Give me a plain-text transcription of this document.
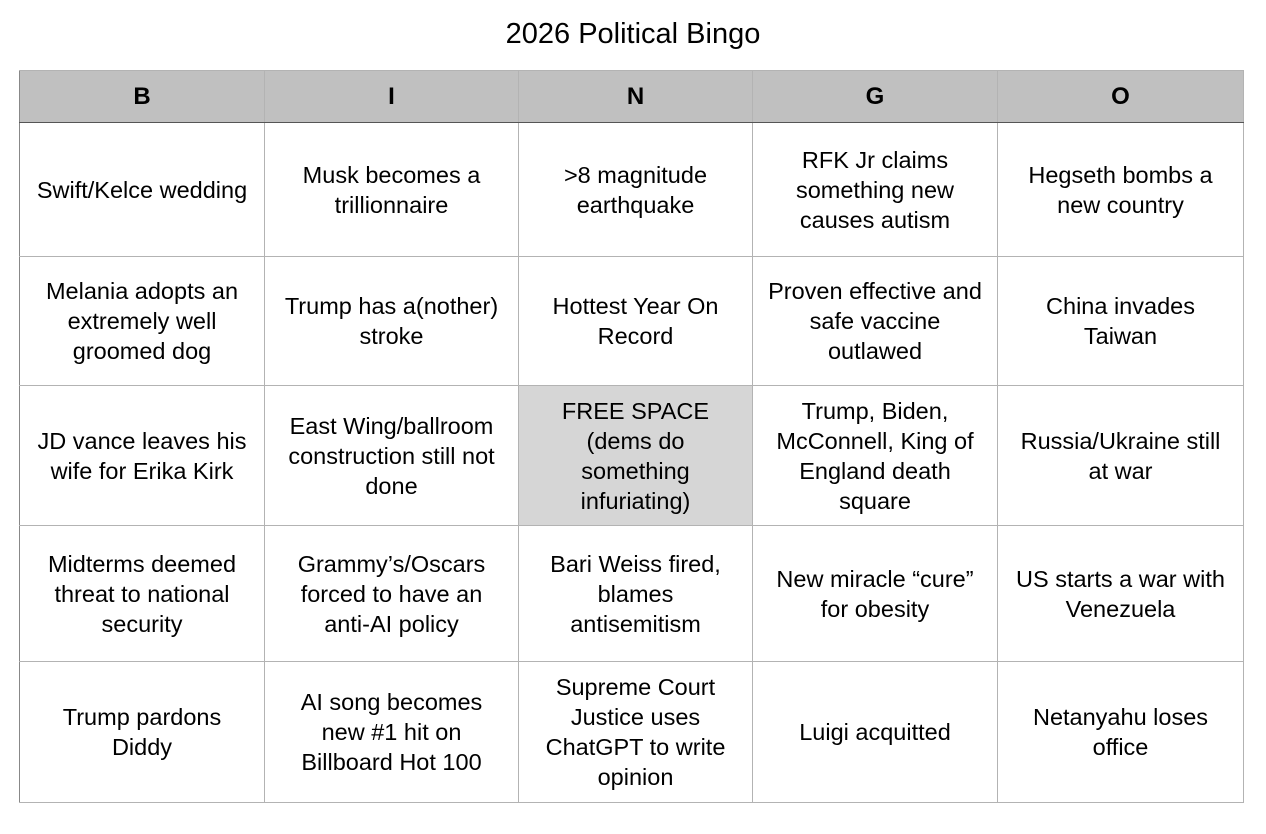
2026 Political Bingo
B	I	N	G	O
Swift/Kelce wedding	Musk becomes a trillionnaire	>8 magnitude earthquake	RFK Jr claims something new causes autism	Hegseth bombs a new country
Melania adopts an extremely well groomed dog	Trump has a(nother) stroke	Hottest Year On Record	Proven effective and safe vaccine outlawed	China invades Taiwan
JD vance leaves his wife for Erika Kirk	East Wing/ballroom construction still not done	FREE SPACE (dems do something infuriating)	Trump, Biden, McConnell, King of England death square	Russia/Ukraine still at war
Midterms deemed threat to national security	Grammy’s/Oscars forced to have an anti-AI policy	Bari Weiss fired, blames antisemitism	New miracle “cure” for obesity	US starts a war with Venezuela
Trump pardons Diddy	AI song becomes new #1 hit on Billboard Hot 100	Supreme Court Justice uses ChatGPT to write opinion	Luigi acquitted	Netanyahu loses office
